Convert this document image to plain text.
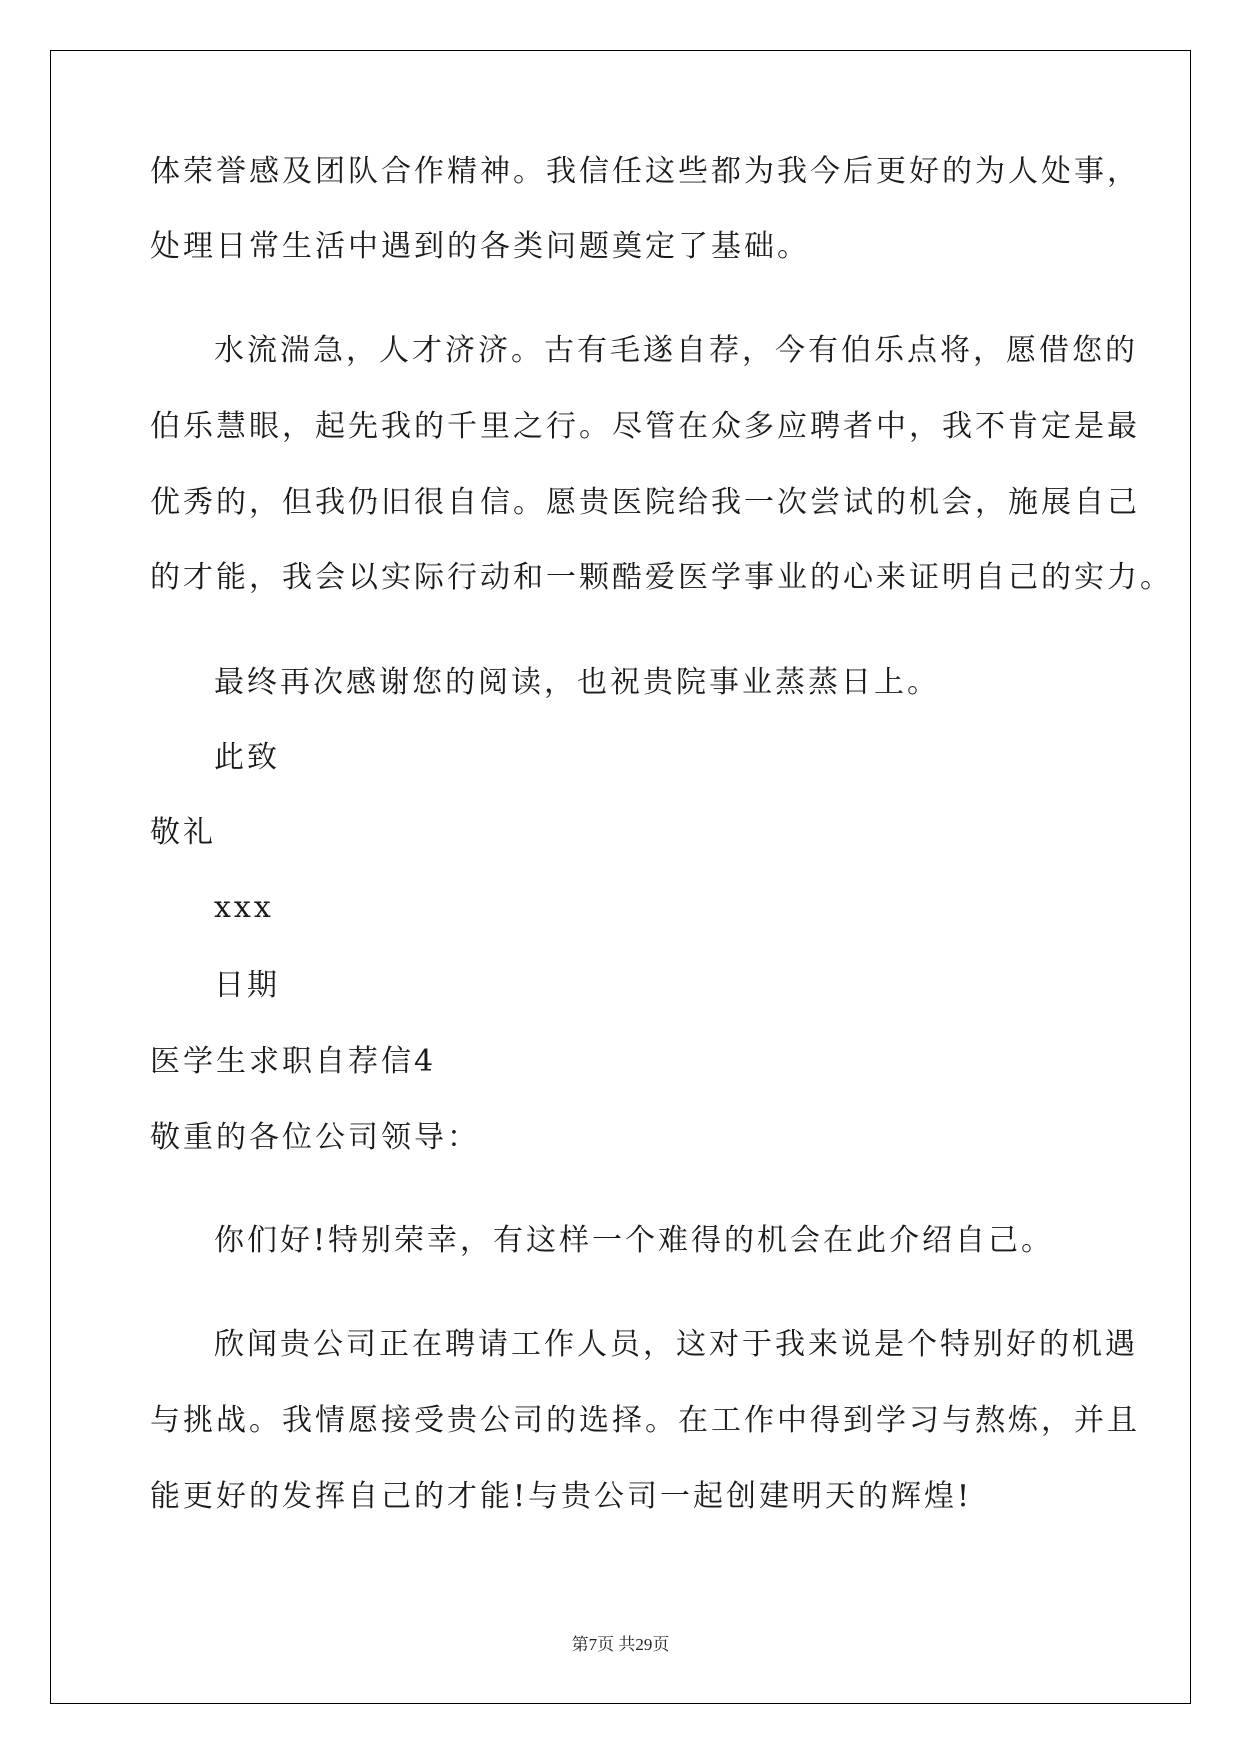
体荣誉感及团队合作精神。我信任这些都为我今后更好的为人处事，
处理日常生活中遇到的各类问题奠定了基础。
水流湍急，人才济济。古有毛遂自荐，今有伯乐点将，愿借您的
伯乐慧眼，起先我的千里之行。尽管在众多应聘者中，我不肯定是最
优秀的，但我仍旧很自信。愿贵医院给我一次尝试的机会，施展自己
的才能，我会以实际行动和一颗酷爱医学事业的心来证明自己的实力。
最终再次感谢您的阅读，也祝贵院事业蒸蒸日上。
此致
敬礼
xxx
日期
医学生求职自荐信4
敬重的各位公司领导：
你们好!特别荣幸，有这样一个难得的机会在此介绍自己。
欣闻贵公司正在聘请工作人员，这对于我来说是个特别好的机遇
与挑战。我情愿接受贵公司的选择。在工作中得到学习与熬炼，并且
能更好的发挥自己的才能!与贵公司一起创建明天的辉煌!
第7页 共29页
